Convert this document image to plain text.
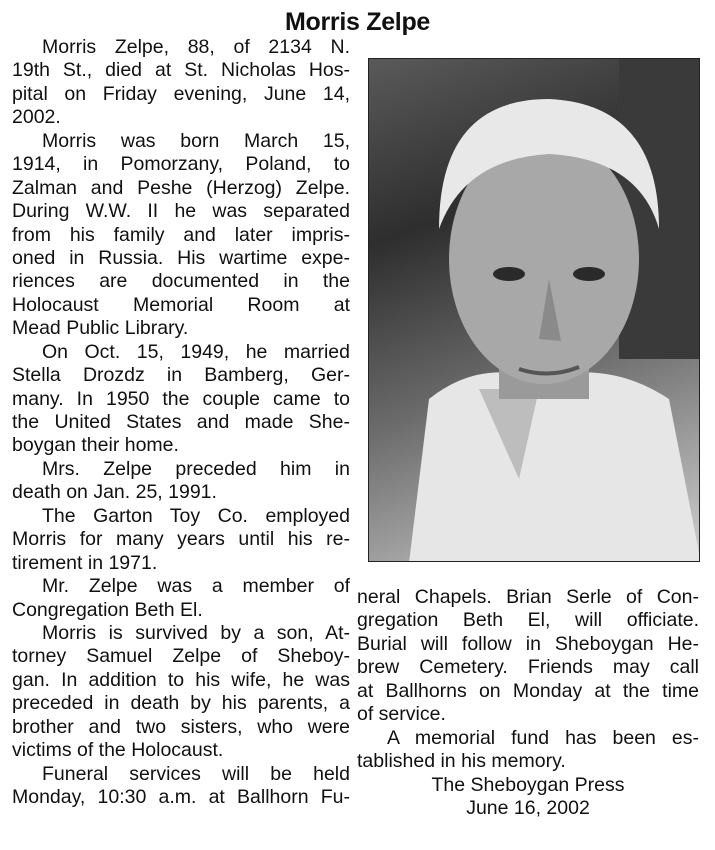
Morris Zelpe
Morris Zelpe, 88, of 2134 N.
19th St., died at St. Nicholas Hos-
pital on Friday evening, June 14,
2002.
Morris was born March 15,
1914, in Pomorzany, Poland, to
Zalman and Peshe (Herzog) Zelpe.
During W.W. II he was separated
from his family and later impris-
oned in Russia. His wartime expe-
riences are documented in the
Holocaust Memorial Room at
Mead Public Library.
On Oct. 15, 1949, he married
Stella Drozdz in Bamberg, Ger-
many. In 1950 the couple came to
the United States and made She-
boygan their home.
Mrs. Zelpe preceded him in
death on Jan. 25, 1991.
The Garton Toy Co. employed
Morris for many years until his re-
tirement in 1971.
Mr. Zelpe was a member of
Congregation Beth El.
Morris is survived by a son, At-
torney Samuel Zelpe of Sheboy-
gan. In addition to his wife, he was
preceded in death by his parents, a
brother and two sisters, who were
victims of the Holocaust.
Funeral services will be held
Monday, 10:30 a.m. at Ballhorn Fu-
neral Chapels. Brian Serle of Con-
gregation Beth El, will officiate.
Burial will follow in Sheboygan He-
brew Cemetery. Friends may call
at Ballhorns on Monday at the time
of service.
A memorial fund has been es-
tablished in his memory.
The Sheboygan Press
June 16, 2002
